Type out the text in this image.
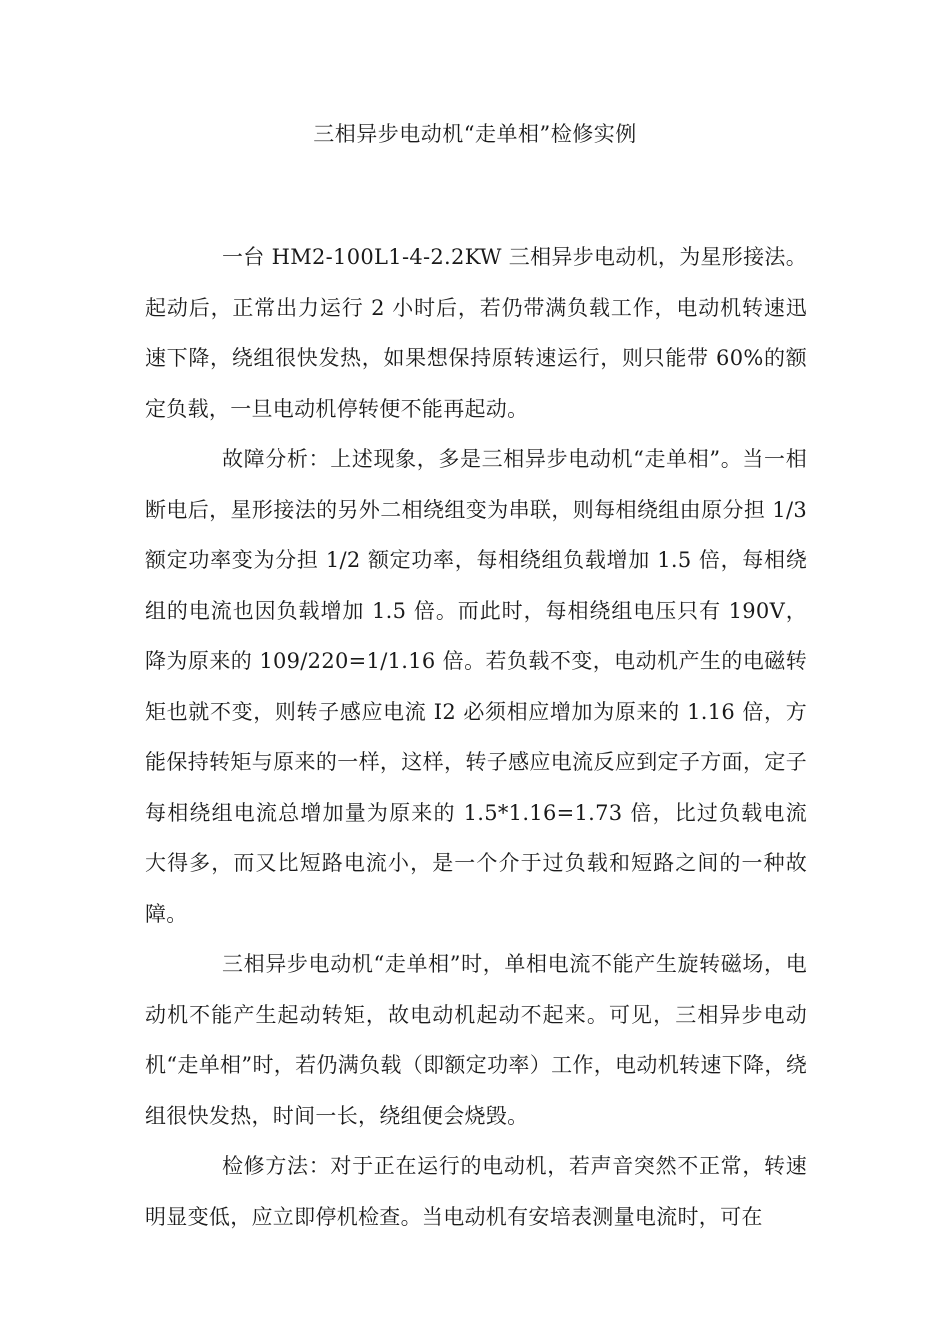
三相异步电动机“走单相”检修实例

一台 HM2-100L1-4-2.2KW 三相异步电动机，为星形接法。起动后，正常出力运行 2 小时后，若仍带满负载工作，电动机转速迅速下降，绕组很快发热，如果想保持原转速运行，则只能带 60%的额定负载，一旦电动机停转便不能再起动。

故障分析：上述现象，多是三相异步电动机“走单相”。当一相断电后，星形接法的另外二相绕组变为串联，则每相绕组由原分担 1/3 额定功率变为分担 1/2 额定功率，每相绕组负载增加 1.5 倍，每相绕组的电流也因负载增加 1.5 倍。而此时，每相绕组电压只有 190V，降为原来的 109/220=1/1.16 倍。若负载不变，电动机产生的电磁转矩也就不变，则转子感应电流 I2 必须相应增加为原来的 1.16 倍，方能保持转矩与原来的一样，这样，转子感应电流反应到定子方面，定子每相绕组电流总增加量为原来的 1.5*1.16=1.73 倍，比过负载电流大得多，而又比短路电流小，是一个介于过负载和短路之间的一种故障。

三相异步电动机“走单相”时，单相电流不能产生旋转磁场，电动机不能产生起动转矩，故电动机起动不起来。可见，三相异步电动机“走单相”时，若仍满负载（即额定功率）工作，电动机转速下降，绕组很快发热，时间一长，绕组便会烧毁。

检修方法：对于正在运行的电动机，若声音突然不正常，转速明显变低，应立即停机检查。当电动机有安培表测量电流时，可在
